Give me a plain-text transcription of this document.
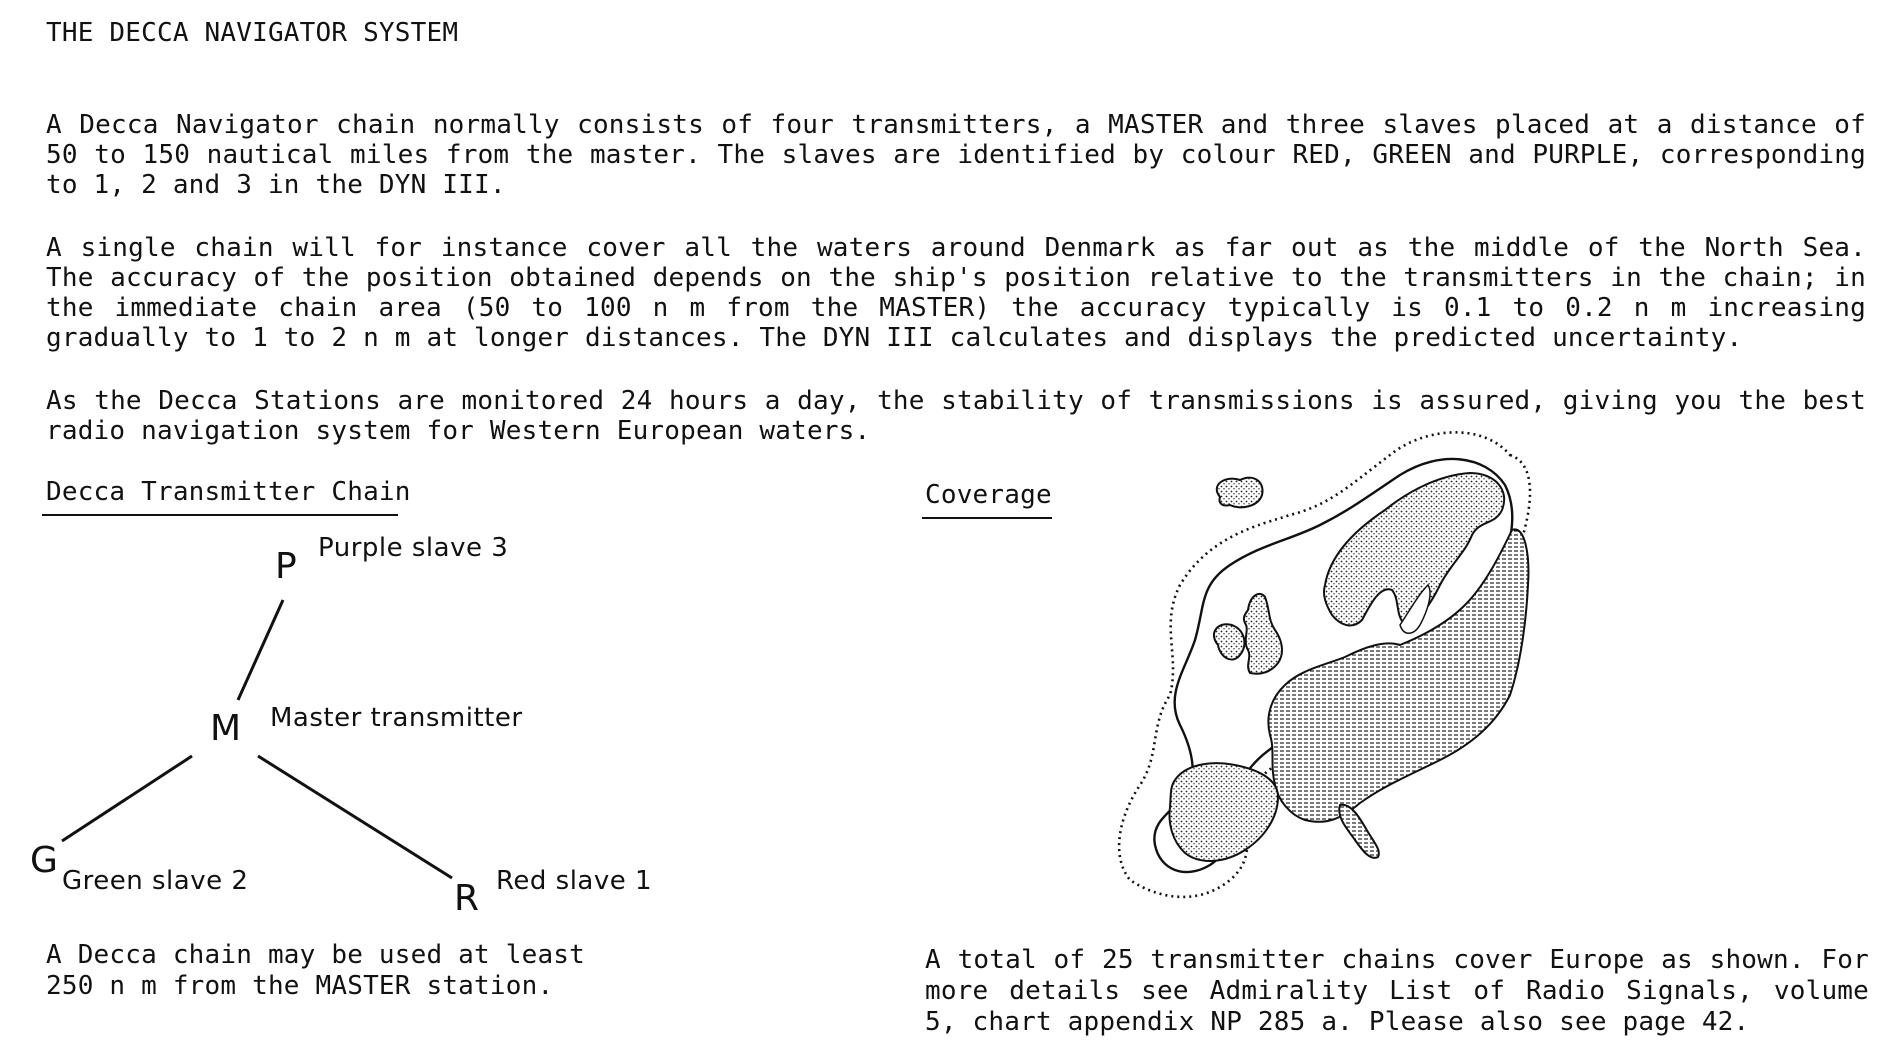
THE DECCA NAVIGATOR SYSTEM
A Decca Navigator chain normally consists of four transmitters, a MASTER and three slaves placed at a distance of 50 to 150 nautical miles from the master. The slaves are identified by colour RED, GREEN and PURPLE, corresponding to 1, 2 and 3 in the DYN III.
A single chain will for instance cover all the waters around Denmark as far out as the middle of the North Sea. The accuracy of the position obtained depends on the ship's position relative to the transmitters in the chain; in the immediate chain area (50 to 100 n m from the MASTER) the accuracy typically is 0.1 to 0.2 n m increasing gradually to 1 to 2 n m at longer distances. The DYN III calculates and displays the predicted uncertainty.
As the Decca Stations are monitored 24 hours a day, the stability of transmissions is assured, giving you the best radio navigation system for Western European waters.
Decca Transmitter Chain
P Purple slave 3
M Master transmitter
G Green slave 2	R Red slave 1
A Decca chain may be used at least 250 n m from the MASTER station.
Coverage
A total of 25 transmitter chains cover Europe as shown. For more details see Admirality List of Radio Signals, volume 5, chart appendix NP 285 a. Please also see page 42.
